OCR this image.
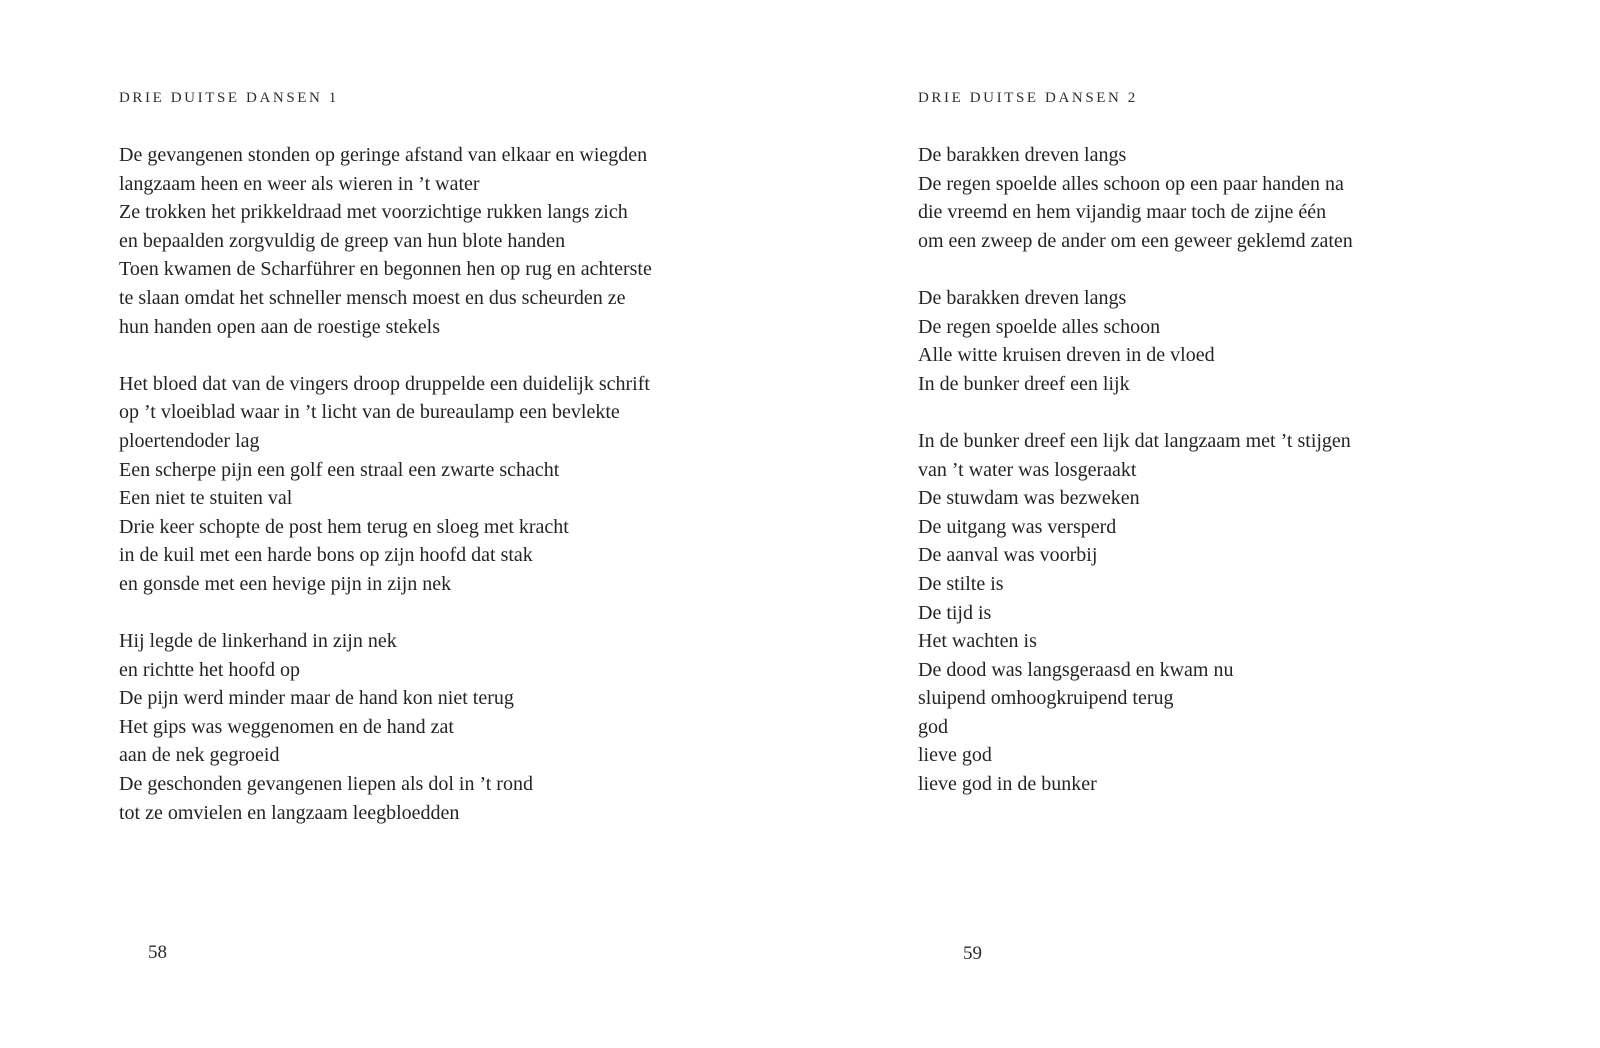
DRIE DUITSE DANSEN 1
De gevangenen stonden op geringe afstand van elkaar en wiegden
langzaam heen en weer als wieren in ’t water
Ze trokken het prikkeldraad met voorzichtige rukken langs zich
en bepaalden zorgvuldig de greep van hun blote handen
Toen kwamen de Scharführer en begonnen hen op rug en achterste
te slaan omdat het schneller mensch moest en dus scheurden ze
hun handen open aan de roestige stekels
Het bloed dat van de vingers droop druppelde een duidelijk schrift
op ’t vloeiblad waar in ’t licht van de bureaulamp een bevlekte
ploertendoder lag
Een scherpe pijn een golf een straal een zwarte schacht
Een niet te stuiten val
Drie keer schopte de post hem terug en sloeg met kracht
in de kuil met een harde bons op zijn hoofd dat stak
en gonsde met een hevige pijn in zijn nek
Hij legde de linkerhand in zijn nek
en richtte het hoofd op
De pijn werd minder maar de hand kon niet terug
Het gips was weggenomen en de hand zat
aan de nek gegroeid
De geschonden gevangenen liepen als dol in ’t rond
tot ze omvielen en langzaam leegbloedden
58
DRIE DUITSE DANSEN 2
De barakken dreven langs
De regen spoelde alles schoon op een paar handen na
die vreemd en hem vijandig maar toch de zijne één
om een zweep de ander om een geweer geklemd zaten
De barakken dreven langs
De regen spoelde alles schoon
Alle witte kruisen dreven in de vloed
In de bunker dreef een lijk
In de bunker dreef een lijk dat langzaam met ’t stijgen
van ’t water was losgeraakt
De stuwdam was bezweken
De uitgang was versperd
De aanval was voorbij
De stilte is
De tijd is
Het wachten is
De dood was langsgeraasd en kwam nu
sluipend omhoogkruipend terug
god
lieve god
lieve god in de bunker
59
